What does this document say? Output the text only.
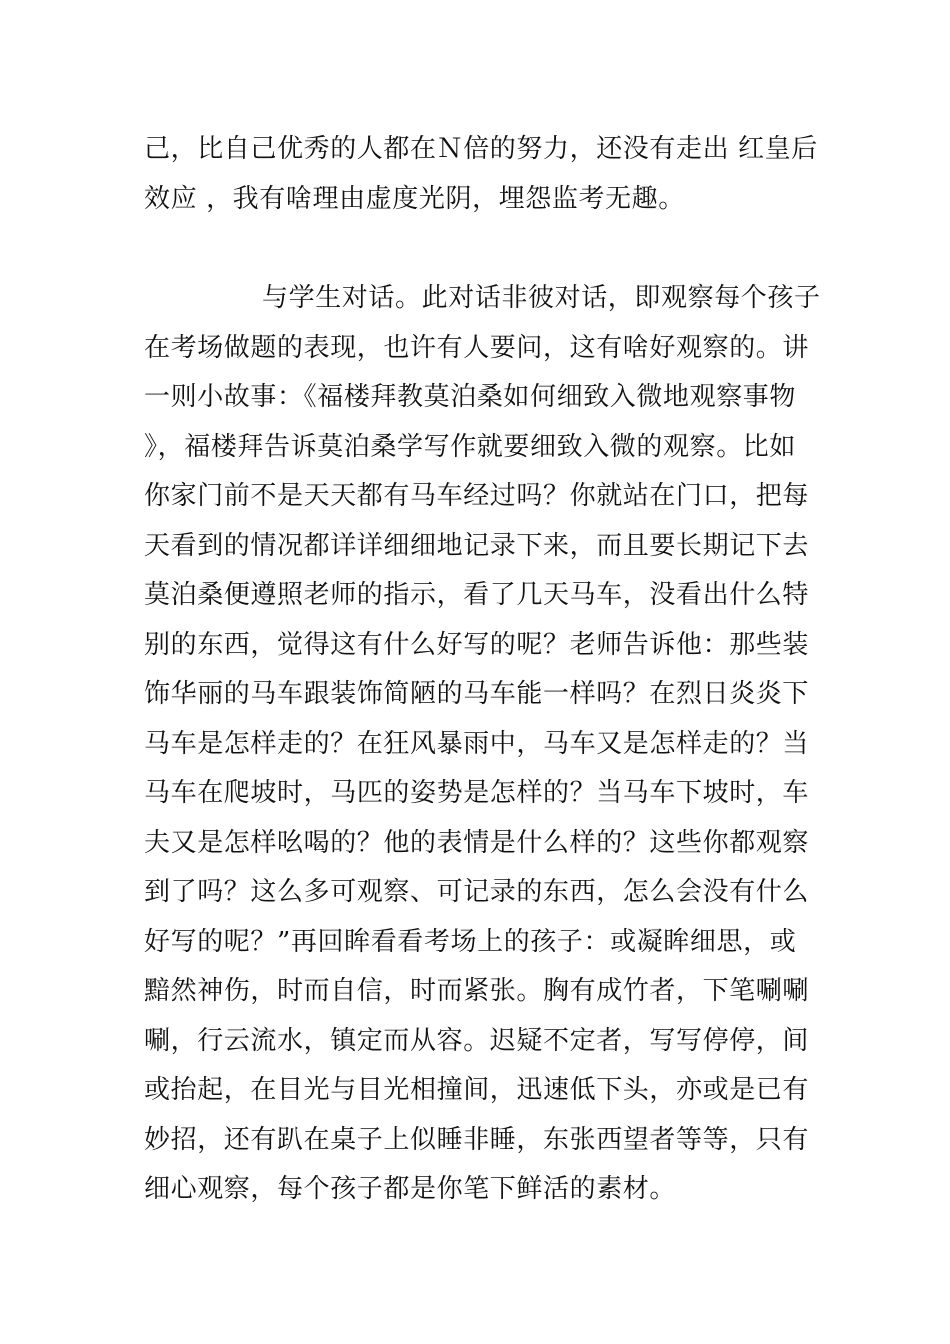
己，比自己优秀的人都在Ｎ倍的努力，还没有走出 红皇后
效应 ，我有啥理由虚度光阴，埋怨监考无趣。
与学生对话。此对话非彼对话，即观察每个孩子
在考场做题的表现，也许有人要问，这有啥好观察的。讲
一则小故事：《福楼拜教莫泊桑如何细致入微地观察事物
》，福楼拜告诉莫泊桑学写作就要细致入微的观察。比如
你家门前不是天天都有马车经过吗？你就站在门口，把每
天看到的情况都详详细细地记录下来，而且要长期记下去
莫泊桑便遵照老师的指示，看了几天马车，没看出什么特
别的东西，觉得这有什么好写的呢？老师告诉他：那些装
饰华丽的马车跟装饰简陋的马车能一样吗？在烈日炎炎下
马车是怎样走的？在狂风暴雨中，马车又是怎样走的？当
马车在爬坡时，马匹的姿势是怎样的？当马车下坡时，车
夫又是怎样吆喝的？他的表情是什么样的？这些你都观察
到了吗？这么多可观察、可记录的东西，怎么会没有什么
好写的呢？”再回眸看看考场上的孩子：或凝眸细思，或
黯然神伤，时而自信，时而紧张。胸有成竹者，下笔唰唰
唰，行云流水，镇定而从容。迟疑不定者，写写停停，间
或抬起，在目光与目光相撞间，迅速低下头，亦或是已有
妙招，还有趴在桌子上似睡非睡，东张西望者等等，只有
细心观察，每个孩子都是你笔下鲜活的素材。
